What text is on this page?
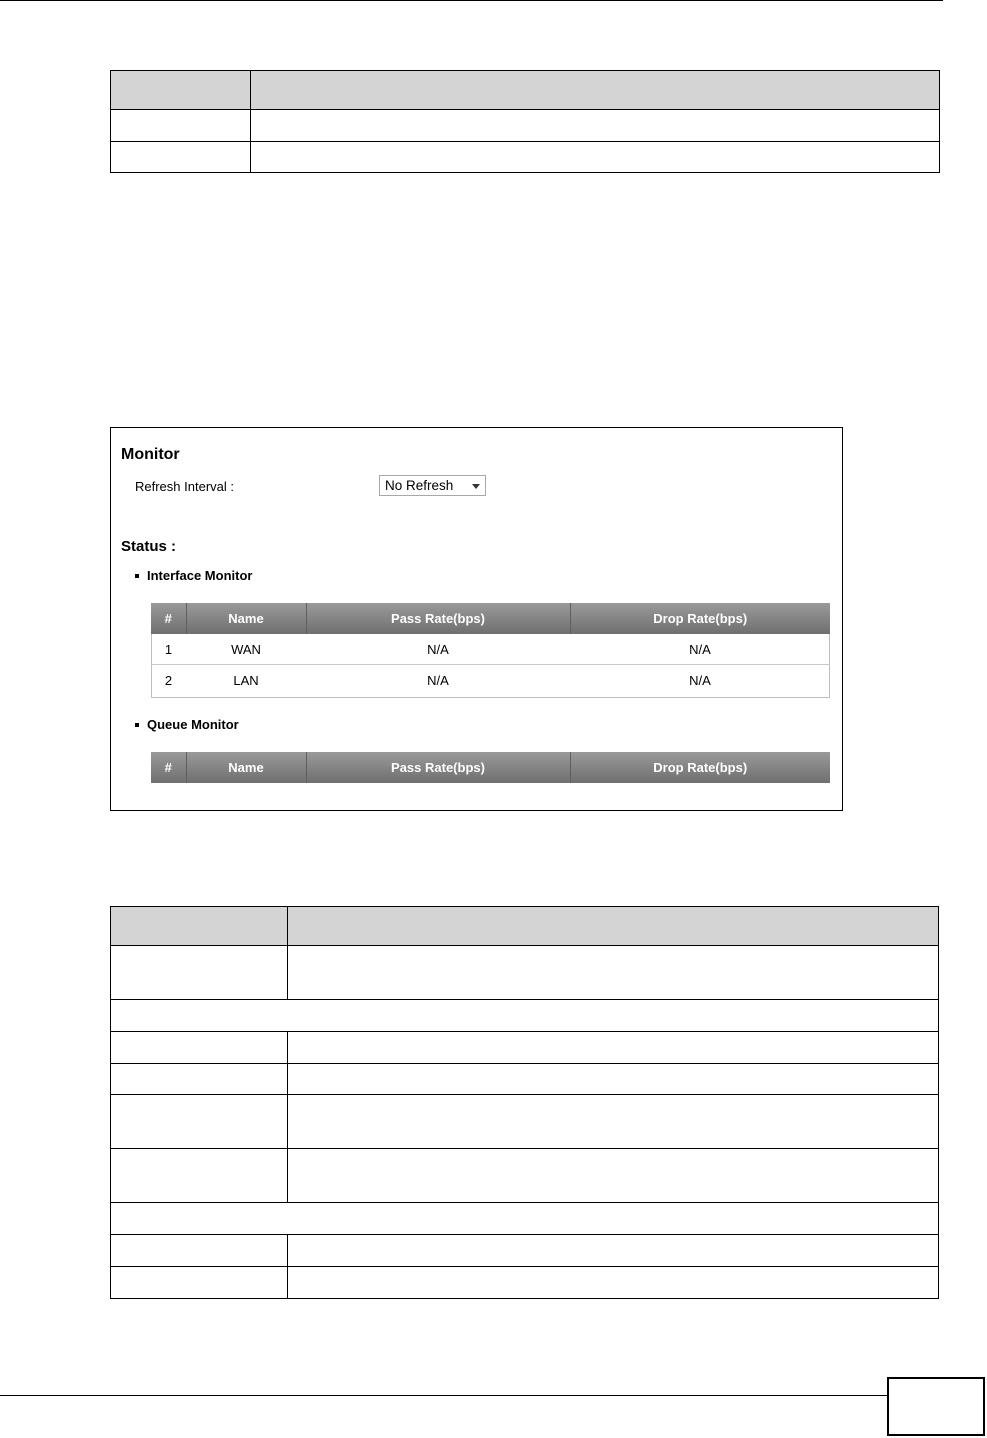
Monitor
Refresh Interval :	No Refresh
Status :
Interface Monitor
#	Name	Pass Rate(bps)	Drop Rate(bps)
1	WAN	N/A	N/A
2	LAN	N/A	N/A
Queue Monitor
#	Name	Pass Rate(bps)	Drop Rate(bps)
